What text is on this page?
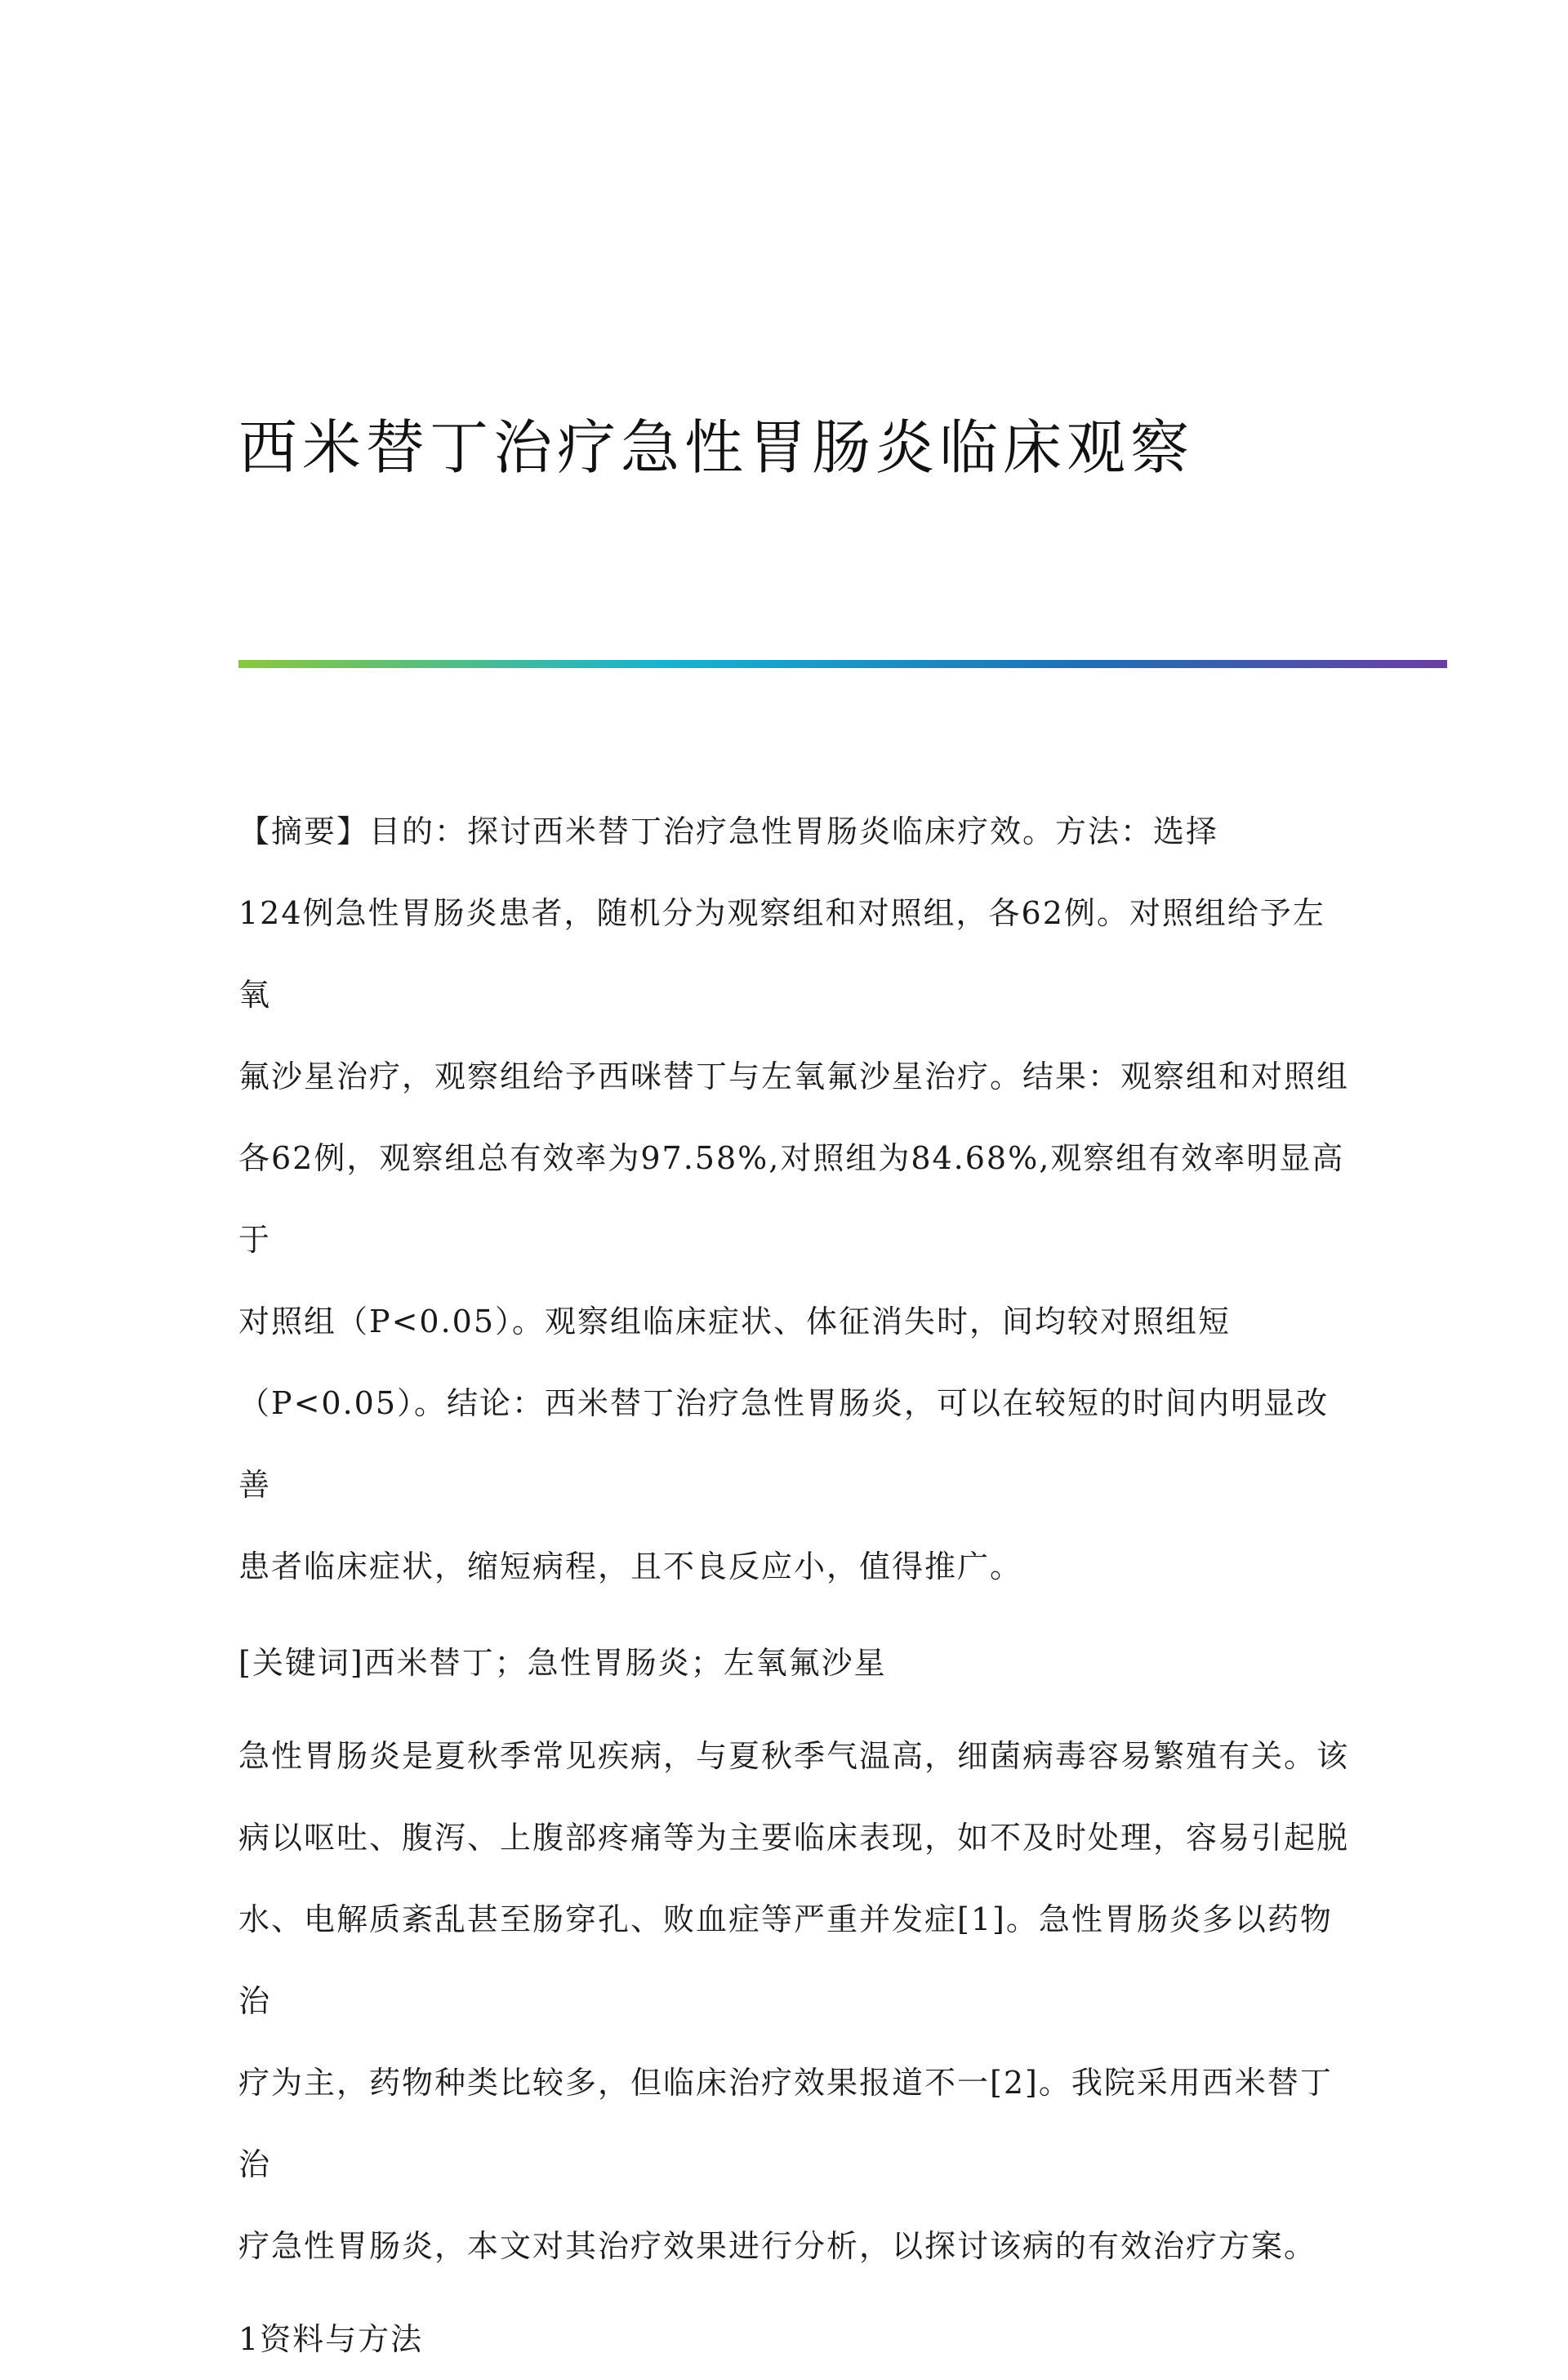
西米替丁治疗急性胃肠炎临床观察

【摘要】目的：探讨西米替丁治疗急性胃肠炎临床疗效。方法：选择
124例急性胃肠炎患者，随机分为观察组和对照组，各62例。对照组给予左氧
氟沙星治疗，观察组给予西咪替丁与左氧氟沙星治疗。结果：观察组和对照组
各62例，观察组总有效率为97.58%,对照组为84.68%,观察组有效率明显高于
对照组（P<0.05）。观察组临床症状、体征消失时，间均较对照组短
（P<0.05）。结论：西米替丁治疗急性胃肠炎，可以在较短的时间内明显改善
患者临床症状，缩短病程，且不良反应小，值得推广。

[关键词]西米替丁；急性胃肠炎；左氧氟沙星

急性胃肠炎是夏秋季常见疾病，与夏秋季气温高，细菌病毒容易繁殖有关。该
病以呕吐、腹泻、上腹部疼痛等为主要临床表现，如不及时处理，容易引起脱
水、电解质紊乱甚至肠穿孔、败血症等严重并发症[1]。急性胃肠炎多以药物治
疗为主，药物种类比较多，但临床治疗效果报道不一[2]。我院采用西米替丁治
疗急性胃肠炎，本文对其治疗效果进行分析，以探讨该病的有效治疗方案。

1资料与方法
